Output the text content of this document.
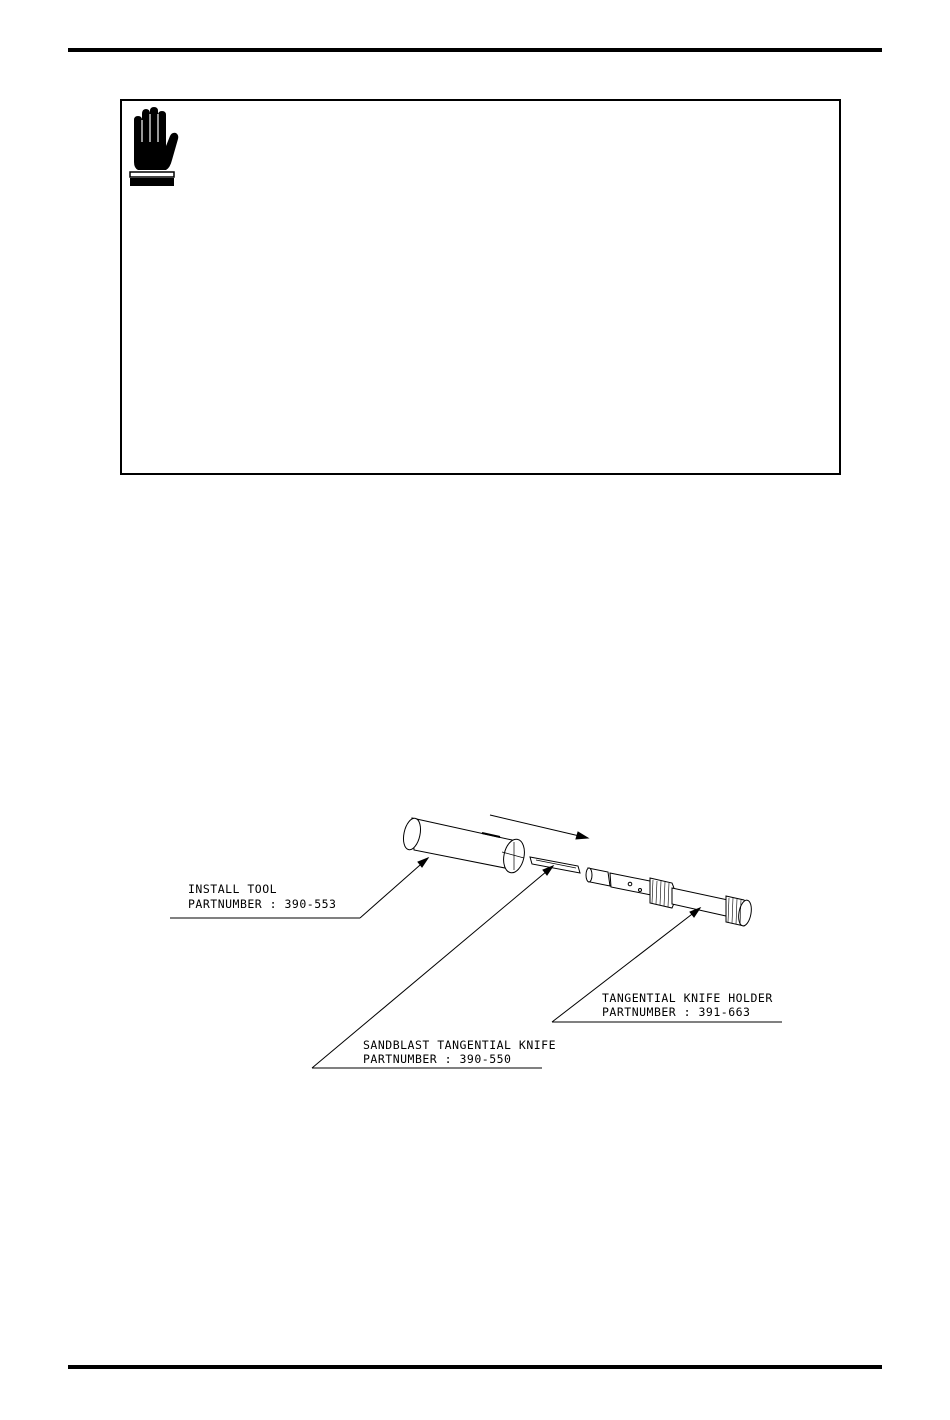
INSTALL TOOL
PARTNUMBER : 390-553
SANDBLAST TANGENTIAL KNIFE
PARTNUMBER : 390-550
TANGENTIAL KNIFE HOLDER
PARTNUMBER : 391-663
